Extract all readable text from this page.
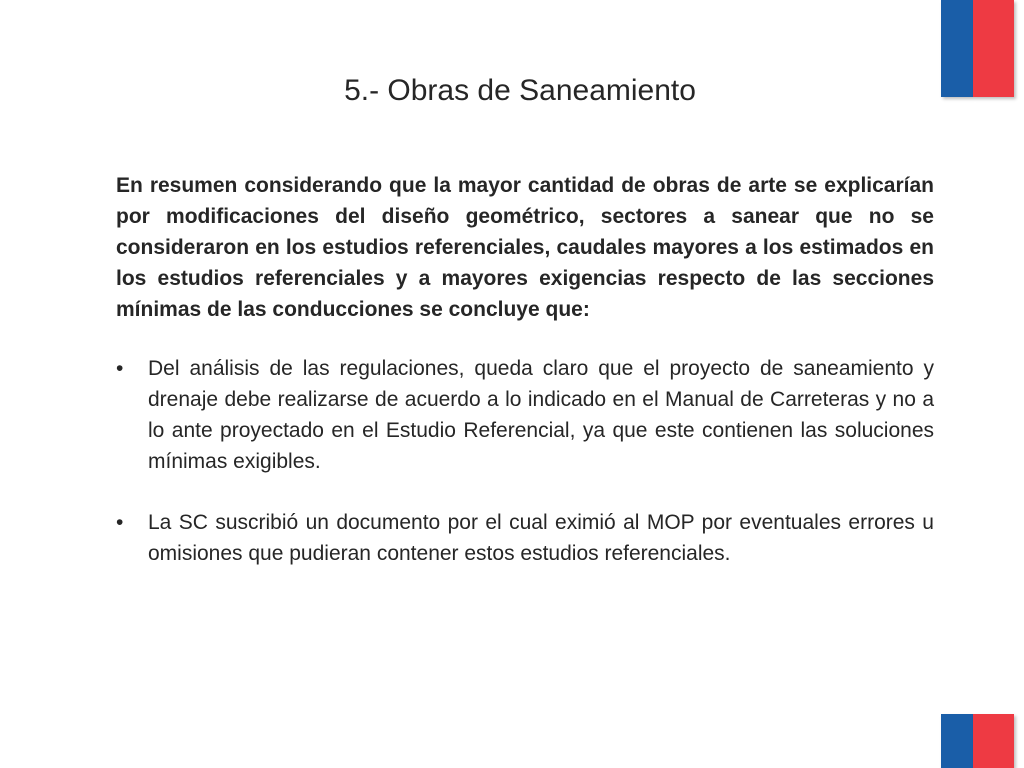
5.- Obras de Saneamiento

En resumen considerando que la mayor cantidad de obras de arte se explicarían por modificaciones del diseño geométrico, sectores a sanear que no se consideraron en los estudios referenciales, caudales mayores a los estimados en los estudios referenciales y a mayores exigencias respecto de las secciones mínimas de las conducciones se concluye que:

• Del análisis de las regulaciones, queda claro que el proyecto de saneamiento y drenaje debe realizarse de acuerdo a lo indicado en el Manual de Carreteras y no a lo ante proyectado en el Estudio Referencial, ya que este contienen las soluciones mínimas exigibles.
• La SC suscribió un documento por el cual eximió al MOP por eventuales errores u omisiones que pudieran contener estos estudios referenciales.
